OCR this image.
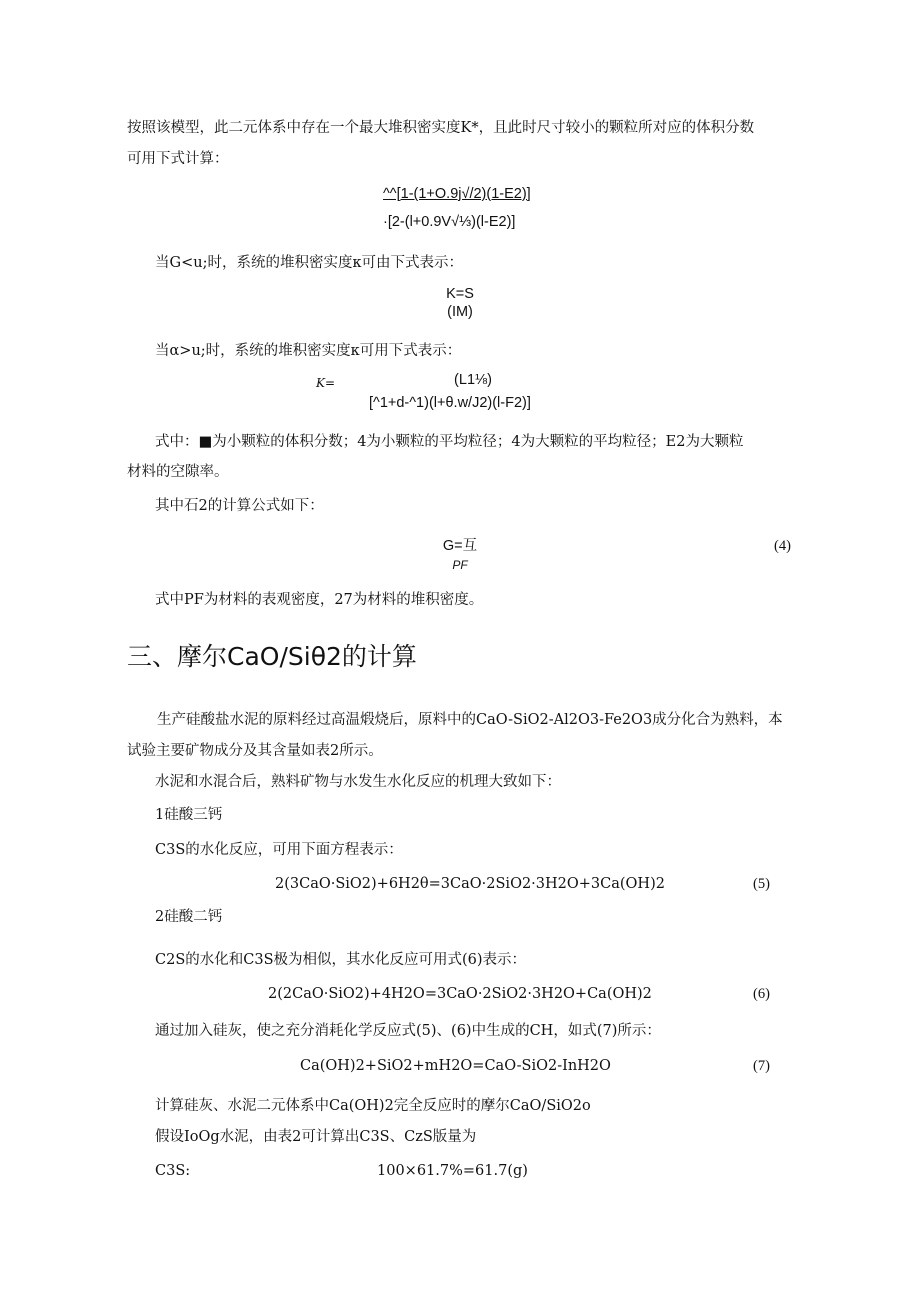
按照该模型，此二元体系中存在一个最大堆积密实度K*，且此时尺寸较小的颗粒所对应的体积分数
可用下式计算：
^^[1-(1+O.9j√/2)(1-E2)]
·[2-(l+0.9V√⅓)(l-E2)]
当G<u;时，系统的堆积密实度κ可由下式表示：
K=S
(IM)
当α>u;时，系统的堆积密实度κ可用下式表示：
K=	(L1⅛)
[^1+d-^1)(l+θ.w/J2)(l-F2)]
式中：■为小颗粒的体积分数；4为小颗粒的平均粒径；4为大颗粒的平均粒径；E2为大颗粒
材料的空隙率。
其中石2的计算公式如下：
G=互
PF
(4)
式中PF为材料的表观密度，27为材料的堆积密度。
三、摩尔CaO/Siθ2的计算
生产硅酸盐水泥的原料经过高温煅烧后，原料中的CaO-SiO2-Al2O3-Fe2O3成分化合为熟料，本
试验主要矿物成分及其含量如表2所示。
水泥和水混合后，熟料矿物与水发生水化反应的机理大致如下：
1硅酸三钙
C3S的水化反应，可用下面方程表示：
2(3CaO·SiO2)+6H2θ=3CaO·2SiO2·3H2O+3Ca(OH)2	(5)
2硅酸二钙
C2S的水化和C3S极为相似，其水化反应可用式(6)表示：
2(2CaO·SiO2)+4H2O=3CaO·2SiO2·3H2O+Ca(OH)2	(6)
通过加入硅灰，使之充分消耗化学反应式(5)、(6)中生成的CH，如式(7)所示：
Ca(OH)2+SiO2+mH2O=CaO-SiO2-InH2O	(7)
计算硅灰、水泥二元体系中Ca(OH)2完全反应时的摩尔CaO/SiO2o
假设IoOg水泥，由表2可计算出C3S、CzS版量为
C3S:	100×61.7%=61.7(g)
